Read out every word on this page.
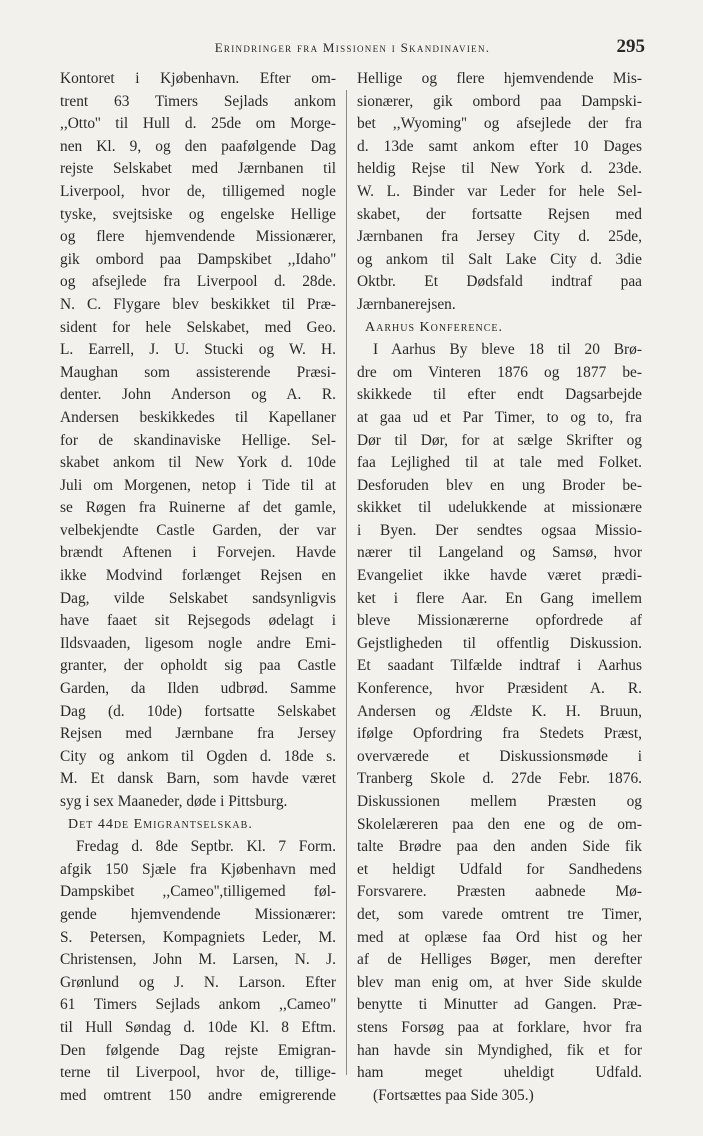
Erindringer fra Missionen i Skandinavien.	295
Kontoret i Kjøbenhavn. Efter om-
trent 63 Timers Sejlads ankom
,,Otto'' til Hull d. 25de om Morge-
nen Kl. 9, og den paafølgende Dag
rejste Selskabet med Jærnbanen til
Liverpool, hvor de, tilligemed nogle
tyske, svejtsiske og engelske Hellige
og flere hjemvendende Missionærer,
gik ombord paa Dampskibet ,,Idaho''
og afsejlede fra Liverpool d. 28de.
N. C. Flygare blev beskikket til Præ-
sident for hele Selskabet, med Geo.
L. Earrell, J. U. Stucki og W. H.
Maughan som assisterende Præsi-
denter. John Anderson og A. R.
Andersen beskikkedes til Kapellaner
for de skandinaviske Hellige. Sel-
skabet ankom til New York d. 10de
Juli om Morgenen, netop i Tide til at
se Røgen fra Ruinerne af det gamle,
velbekjendte Castle Garden, der var
brændt Aftenen i Forvejen. Havde
ikke Modvind forlænget Rejsen en
Dag, vilde Selskabet sandsynligvis
have faaet sit Rejsegods ødelagt i
Ildsvaaden, ligesom nogle andre Emi-
granter, der opholdt sig paa Castle
Garden, da Ilden udbrød. Samme
Dag (d. 10de) fortsatte Selskabet
Rejsen med Jærnbane fra Jersey
City og ankom til Ogden d. 18de s.
M. Et dansk Barn, som havde været
syg i sex Maaneder, døde i Pittsburg.
Det 44de Emigrantselskab.
Fredag d. 8de Septbr. Kl. 7 Form.
afgik 150 Sjæle fra Kjøbenhavn med
Dampskibet ,,Cameo'',tilligemed føl-
gende hjemvendende Missionærer:
S. Petersen, Kompagniets Leder, M.
Christensen, John M. Larsen, N. J.
Grønlund og J. N. Larson. Efter
61 Timers Sejlads ankom ,,Cameo''
til Hull Søndag d. 10de Kl. 8 Eftm.
Den følgende Dag rejste Emigran-
terne til Liverpool, hvor de, tillige-
med omtrent 150 andre emigrerende
Hellige og flere hjemvendende Mis-
sionærer, gik ombord paa Dampski-
bet ,,Wyoming'' og afsejlede der fra
d. 13de samt ankom efter 10 Dages
heldig Rejse til New York d. 23de.
W. L. Binder var Leder for hele Sel-
skabet, der fortsatte Rejsen med
Jærnbanen fra Jersey City d. 25de,
og ankom til Salt Lake City d. 3die
Oktbr. Et Dødsfald indtraf paa
Jærnbanerejsen.
Aarhus Konference.
I Aarhus By bleve 18 til 20 Brø-
dre om Vinteren 1876 og 1877 be-
skikkede til efter endt Dagsarbejde
at gaa ud et Par Timer, to og to, fra
Dør til Dør, for at sælge Skrifter og
faa Lejlighed til at tale med Folket.
Desforuden blev en ung Broder be-
skikket til udelukkende at missionære
i Byen. Der sendtes ogsaa Missio-
nærer til Langeland og Samsø, hvor
Evangeliet ikke havde været prædi-
ket i flere Aar. En Gang imellem
bleve Missionærerne opfordrede af
Gejstligheden til offentlig Diskussion.
Et saadant Tilfælde indtraf i Aarhus
Konference, hvor Præsident A. R.
Andersen og Ældste K. H. Bruun,
ifølge Opfordring fra Stedets Præst,
overværede et Diskussionsmøde i
Tranberg Skole d. 27de Febr. 1876.
Diskussionen mellem Præsten og
Skolelæreren paa den ene og de om-
talte Brødre paa den anden Side fik
et heldigt Udfald for Sandhedens
Forsvarere. Præsten aabnede Mø-
det, som varede omtrent tre Timer,
med at oplæse faa Ord hist og her
af de Helliges Bøger, men derefter
blev man enig om, at hver Side skulde
benytte ti Minutter ad Gangen. Præ-
stens Forsøg paa at forklare, hvor fra
han havde sin Myndighed, fik et for
ham meget uheldigt Udfald.
(Fortsættes paa Side 305.)
